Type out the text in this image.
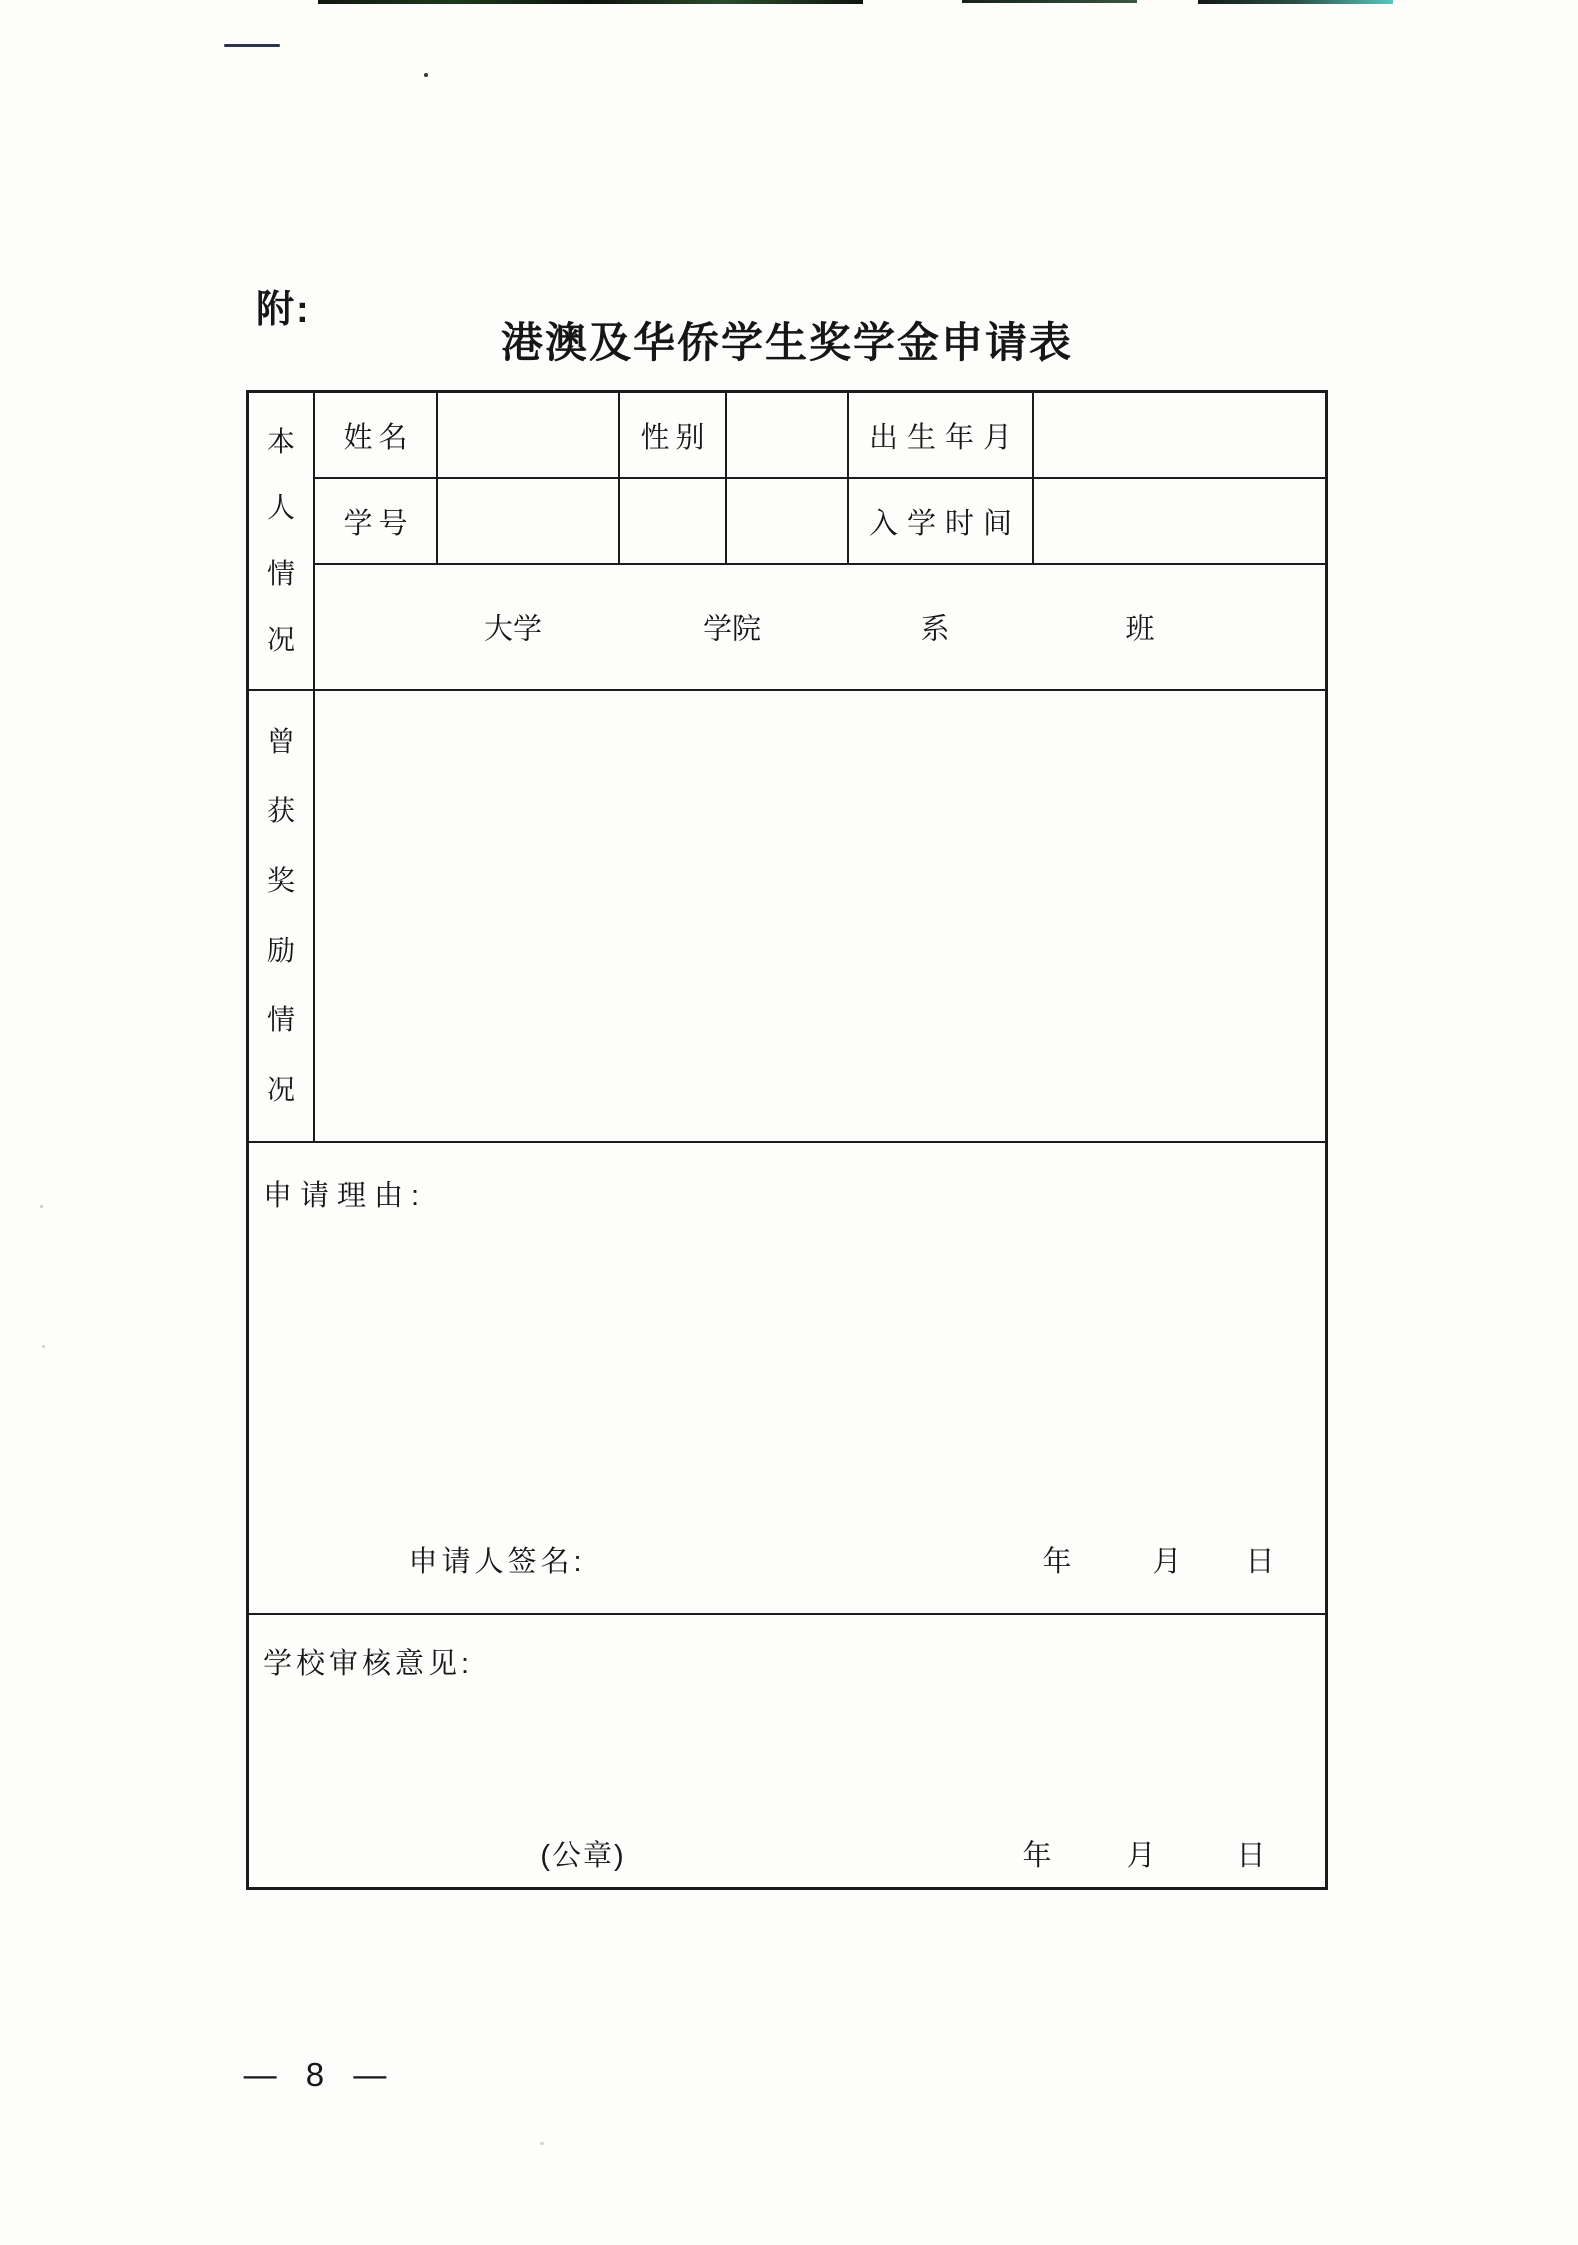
附:
港澳及华侨学生奖学金申请表
本
人
情
况
姓名	性别	出生年月
学号	入学时间
大学	学院	系	班
曾
获
奖
励
情
况
申请理由:
申请人签名:	年	月 日
学校审核意见:
(公章)	年	月	日
— 8 —
